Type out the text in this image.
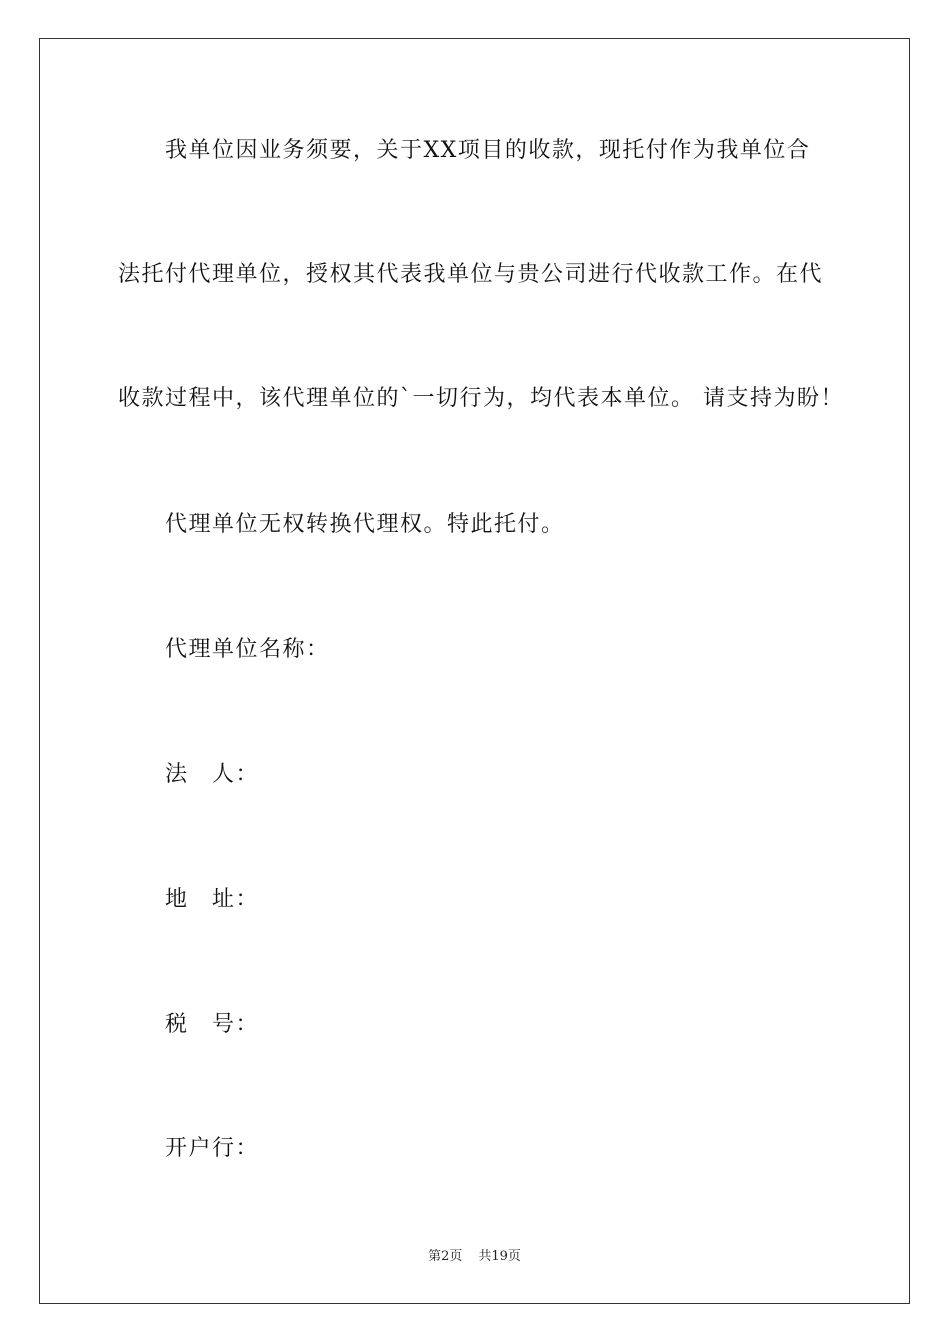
我单位因业务须要，关于XX项目的收款，现托付作为我单位合
法托付代理单位，授权其代表我单位与贵公司进行代收款工作。在代
收款过程中，该代理单位的`一切行为，均代表本单位。 请支持为盼！
代理单位无权转换代理权。特此托付。
代理单位名称：
法　人：
地　址：
税　号：
开户行：
第2页 共19页
